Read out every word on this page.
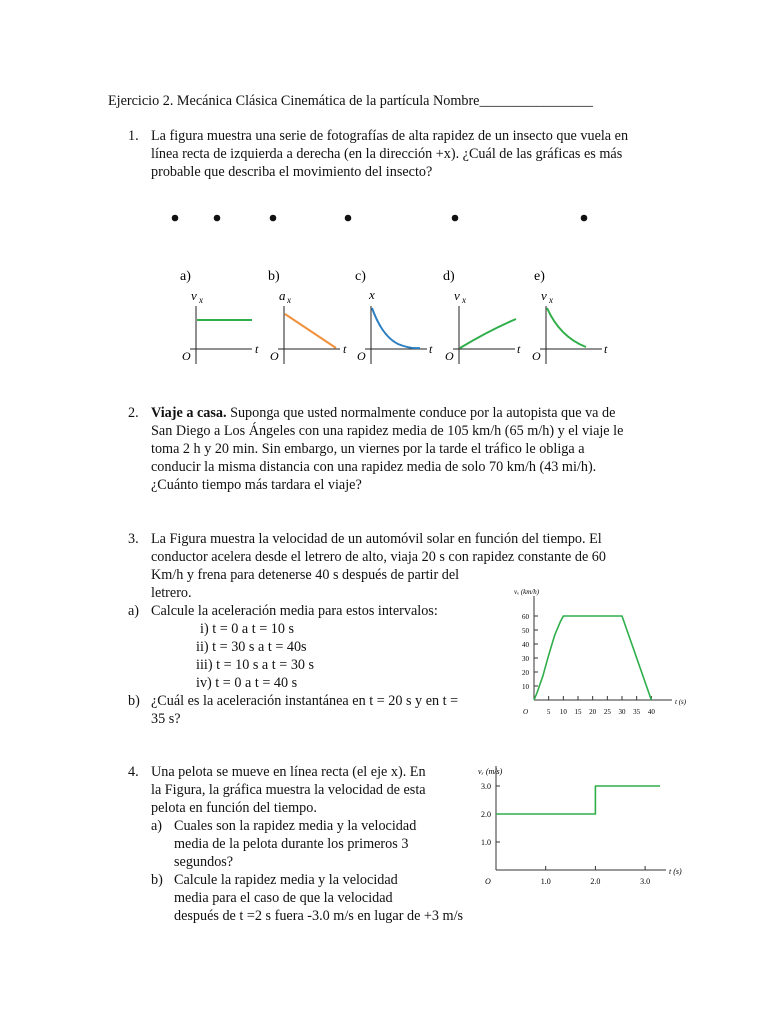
Ejercicio 2. Mecánica Clásica Cinemática de la partícula Nombre________________
1. La figura muestra una serie de fotografías de alta rapidez de un insecto que vuela en
línea recta de izquierda a derecha (en la dirección +x). ¿Cuál de las gráficas es más
probable que describa el movimiento del insecto?
a)
v x
O	t
b)
a x
O	t
c)
x
O	t
d)
v x
O	t
e)
v x
O	t
2. Viaje a casa. Suponga que usted normalmente conduce por la autopista que va de
San Diego a Los Ángeles con una rapidez media de 105 km/h (65 m/h) y el viaje le
toma 2 h y 20 min. Sin embargo, un viernes por la tarde el tráfico le obliga a
conducir la misma distancia con una rapidez media de solo 70 km/h (43 mi/h).
¿Cuánto tiempo más tardara el viaje?
3. La Figura muestra la velocidad de un automóvil solar en función del tiempo. El
conductor acelera desde el letrero de alto, viaja 20 s con rapidez constante de 60
Km/h y frena para detenerse 40 s después de partir del
letrero.
a) Calcule la aceleración media para estos intervalos:
i) t = 0 a t = 10 s
ii) t = 30 s a t = 40s
iii) t = 10 s a t = 30 s
iv) t = 0 a t = 40 s
b) ¿Cuál es la aceleración instantánea en t = 20 s y en t =
35 s?
vₓ (km/h)
t (s)
O
10
20
30
40
50
60
5 10 15 20 25 30 35 40
4. Una pelota se mueve en línea recta (el eje x). En
la Figura, la gráfica muestra la velocidad de esta
pelota en función del tiempo.
a) Cuales son la rapidez media y la velocidad
media de la pelota durante los primeros 3
segundos?
b) Calcule la rapidez media y la velocidad
media para el caso de que la velocidad
después de t =2 s fuera -3.0 m/s en lugar de +3 m/s
vₓ (m/s)
t (s)
O
1.0
2.0
3.0
1.0	2.0	3.0
